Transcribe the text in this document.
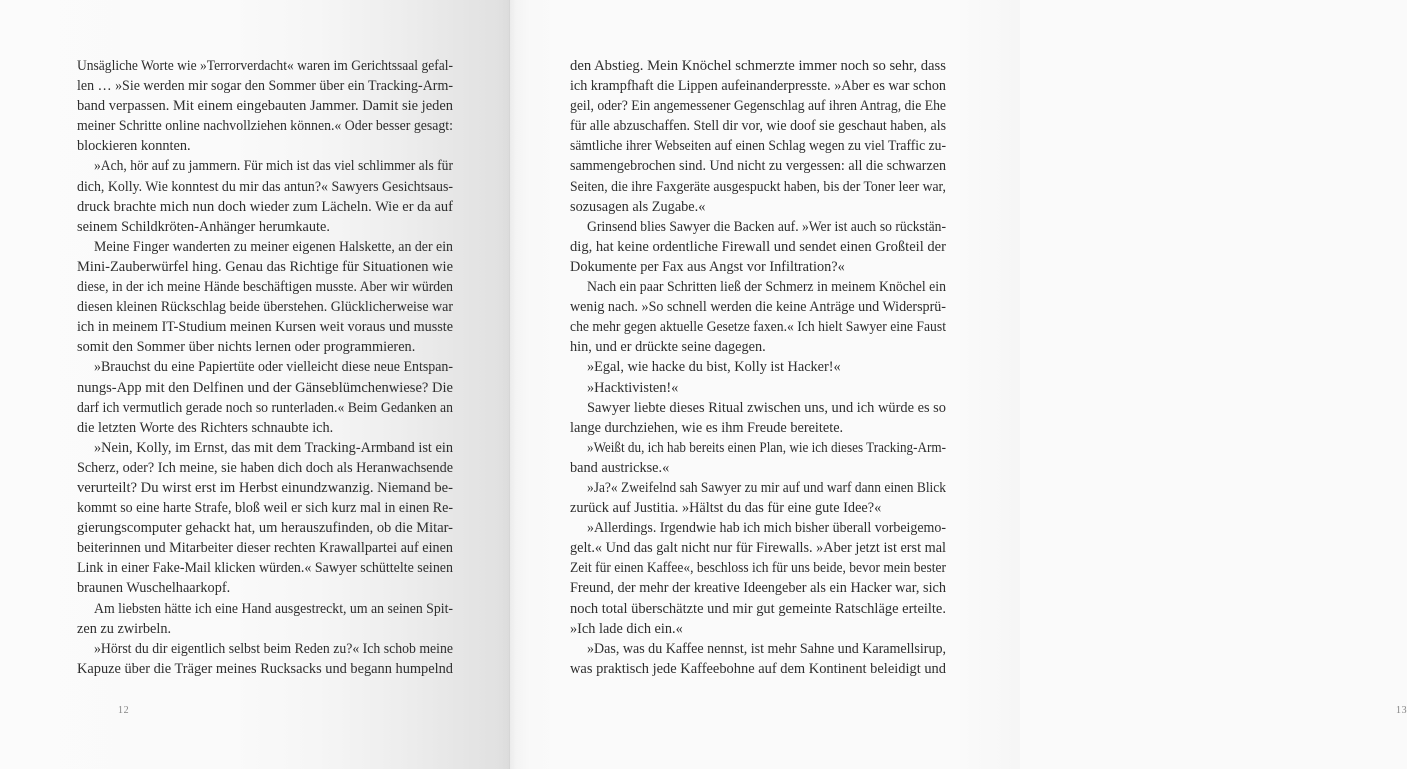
Unsägliche Worte wie »Terrorverdacht« waren im Gerichtssaal gefal-
len … »Sie werden mir sogar den Sommer über ein Tracking-Arm-
band verpassen. Mit einem eingebauten Jammer. Damit sie jeden
meiner Schritte online nachvollziehen können.« Oder besser gesagt:
blockieren konnten.
»Ach, hör auf zu jammern. Für mich ist das viel schlimmer als für
dich, Kolly. Wie konntest du mir das antun?« Sawyers Gesichtsaus-
druck brachte mich nun doch wieder zum Lächeln. Wie er da auf
seinem Schildkröten-Anhänger herumkaute.
Meine Finger wanderten zu meiner eigenen Halskette, an der ein
Mini-Zauberwürfel hing. Genau das Richtige für Situationen wie
diese, in der ich meine Hände beschäftigen musste. Aber wir würden
diesen kleinen Rückschlag beide überstehen. Glücklicherweise war
ich in meinem IT-Studium meinen Kursen weit voraus und musste
somit den Sommer über nichts lernen oder programmieren.
»Brauchst du eine Papiertüte oder vielleicht diese neue Entspan-
nungs-App mit den Delfinen und der Gänseblümchenwiese? Die
darf ich vermutlich gerade noch so runterladen.« Beim Gedanken an
die letzten Worte des Richters schnaubte ich.
»Nein, Kolly, im Ernst, das mit dem Tracking-Armband ist ein
Scherz, oder? Ich meine, sie haben dich doch als Heranwachsende
verurteilt? Du wirst erst im Herbst einundzwanzig. Niemand be-
kommt so eine harte Strafe, bloß weil er sich kurz mal in einen Re-
gierungscomputer gehackt hat, um herauszufinden, ob die Mitar-
beiterinnen und Mitarbeiter dieser rechten Krawallpartei auf einen
Link in einer Fake-Mail klicken würden.« Sawyer schüttelte seinen
braunen Wuschelhaarkopf.
Am liebsten hätte ich eine Hand ausgestreckt, um an seinen Spit-
zen zu zwirbeln.
»Hörst du dir eigentlich selbst beim Reden zu?« Ich schob meine
Kapuze über die Träger meines Rucksacks und begann humpelnd
12
den Abstieg. Mein Knöchel schmerzte immer noch so sehr, dass
ich krampfhaft die Lippen aufeinanderpresste. »Aber es war schon
geil, oder? Ein angemessener Gegenschlag auf ihren Antrag, die Ehe
für alle abzuschaffen. Stell dir vor, wie doof sie geschaut haben, als
sämtliche ihrer Webseiten auf einen Schlag wegen zu viel Traffic zu-
sammengebrochen sind. Und nicht zu vergessen: all die schwarzen
Seiten, die ihre Faxgeräte ausgespuckt haben, bis der Toner leer war,
sozusagen als Zugabe.«
Grinsend blies Sawyer die Backen auf. »Wer ist auch so rückstän-
dig, hat keine ordentliche Firewall und sendet einen Großteil der
Dokumente per Fax aus Angst vor Infiltration?«
Nach ein paar Schritten ließ der Schmerz in meinem Knöchel ein
wenig nach. »So schnell werden die keine Anträge und Widersprü-
che mehr gegen aktuelle Gesetze faxen.« Ich hielt Sawyer eine Faust
hin, und er drückte seine dagegen.
»Egal, wie hacke du bist, Kolly ist Hacker!«
»Hacktivisten!«
Sawyer liebte dieses Ritual zwischen uns, und ich würde es so
lange durchziehen, wie es ihm Freude bereitete.
»Weißt du, ich hab bereits einen Plan, wie ich dieses Tracking-Arm-
band austrickse.«
»Ja?« Zweifelnd sah Sawyer zu mir auf und warf dann einen Blick
zurück auf Justitia. »Hältst du das für eine gute Idee?«
»Allerdings. Irgendwie hab ich mich bisher überall vorbeigemo-
gelt.« Und das galt nicht nur für Firewalls. »Aber jetzt ist erst mal
Zeit für einen Kaffee«, beschloss ich für uns beide, bevor mein bester
Freund, der mehr der kreative Ideengeber als ein Hacker war, sich
noch total überschätzte und mir gut gemeinte Ratschläge erteilte.
»Ich lade dich ein.«
»Das, was du Kaffee nennst, ist mehr Sahne und Karamellsirup,
was praktisch jede Kaffeebohne auf dem Kontinent beleidigt und
13
